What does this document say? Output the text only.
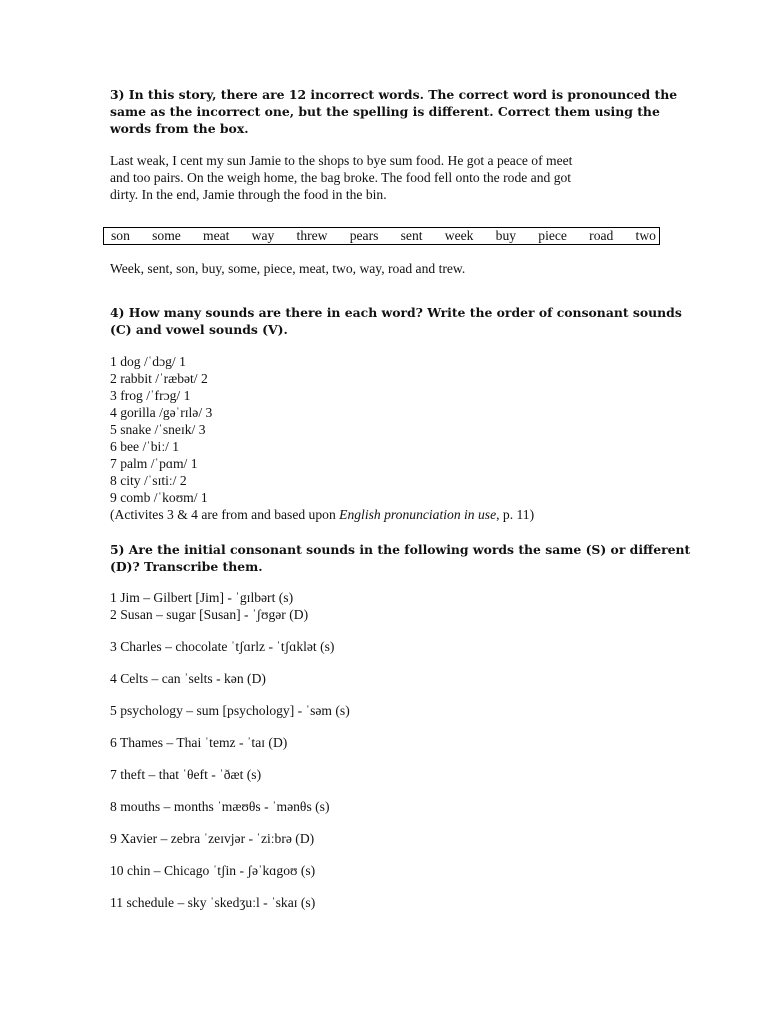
3) In this story, there are 12 incorrect words. The correct word is pronounced the
same as the incorrect one, but the spelling is different. Correct them using the
words from the box.
Last weak, I cent my sun Jamie to the shops to bye sum food. He got a peace of meet
and too pairs. On the weigh home, the bag broke. The food fell onto the rode and got
dirty. In the end, Jamie through the food in the bin.
son some meat way threw pears sent week buy piece road two
Week, sent, son, buy, some, piece, meat, two, way, road and trew.
4) How many sounds are there in each word? Write the order of consonant sounds
(C) and vowel sounds (V).
1 dog /ˈdɔg/ 1
2 rabbit /ˈræbət/ 2
3 frog /ˈfrɔg/ 1
4 gorilla /gəˈrɪlə/ 3
5 snake /ˈsneɪk/ 3
6 bee /ˈbiː/ 1
7 palm /ˈpɑm/ 1
8 city /ˈsɪtiː/ 2
9 comb /ˈkoʊm/ 1
(Activites 3 & 4 are from and based upon English pronunciation in use, p. 11)
5) Are the initial consonant sounds in the following words the same (S) or different
(D)? Transcribe them.
1 Jim – Gilbert [Jim] - ˈgɪlbərt (s)
2 Susan – sugar [Susan] - ˈʃʊgər (D)
3 Charles – chocolate ˈtʃɑrlz - ˈtʃɑklət (s)
4 Celts – can ˈselts - kən (D)
5 psychology – sum [psychology] - ˈsəm (s)
6 Thames – Thai ˈtemz - ˈtaɪ (D)
7 theft – that ˈθeft - ˈðæt (s)
8 mouths – months ˈmæʊθs - ˈmənθs (s)
9 Xavier – zebra ˈzeɪvjər - ˈziːbrə (D)
10 chin – Chicago ˈtʃin - ʃəˈkɑgoʊ (s)
11 schedule – sky ˈskedʒuːl - ˈskaɪ (s)
